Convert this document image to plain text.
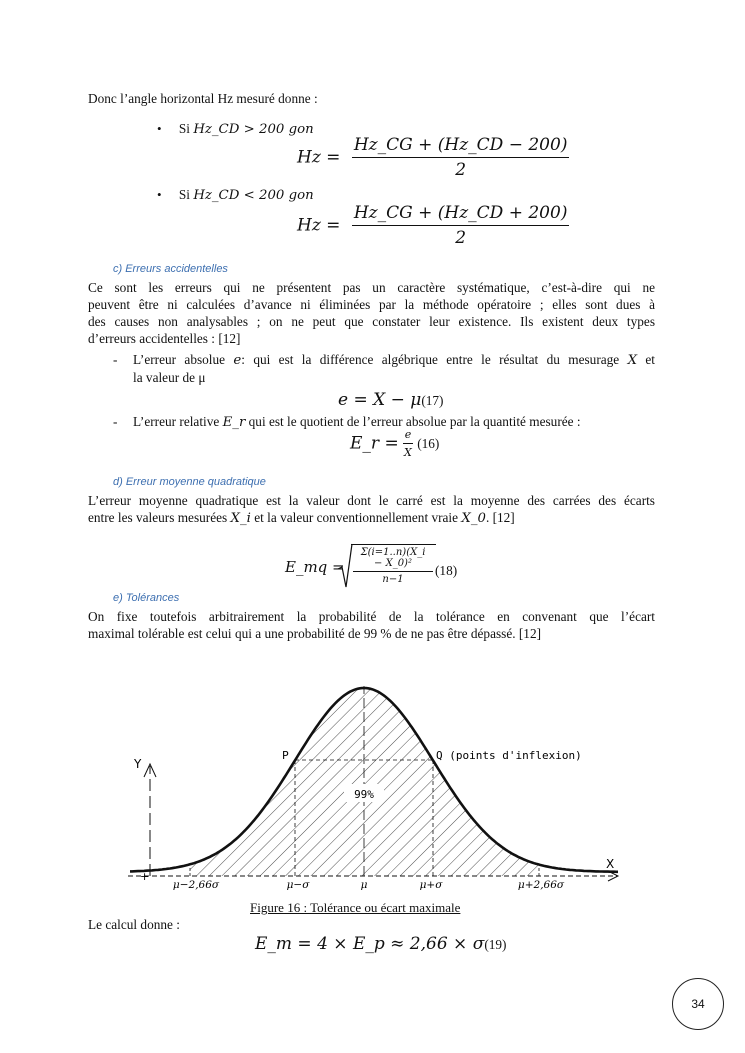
Donc l’angle horizontal Hz mesuré donne :
• Si Hz_CD > 200 gon
$Hz = \frac{Hz\_CG + (Hz\_CD - 200)}{2}$
• Si Hz_CD < 200 gon
$Hz = \frac{Hz\_CG + (Hz\_CD + 200)}{2}$
c) Erreurs accidentelles
Ce sont les erreurs qui ne présentent pas un caractère systématique, c’est-à-dire qui ne
peuvent être ni calculées d’avance ni éliminées par la méthode opératoire ; elles sont dues à
des causes non analysables ; on ne peut que constater leur existence. Ils existent deux types
d’erreurs accidentelles : [12]
- L’erreur absolue e: qui est la différence algébrique entre le résultat du mesurage X et
la valeur de μ
e = X − μ(17)
- L’erreur relative E_r qui est le quotient de l’erreur absolue par la quantité mesurée :
E_r = $\frac{e}{X} (16)$
d) Erreur moyenne quadratique
L’erreur moyenne quadratique est la valeur dont le carré est la moyenne des carrées des écarts
entre les valeurs mesurées X_i et la valeur conventionnellement vraie X_0. [12]
E_mq = $\frac{\text{Σ(i=1..n)(X\_i − X\_0)²}}{n-1} (18)$
e) Tolérances
On fixe toutefois arbitrairement la probabilité de la tolérance en convenant que l’écart
maximal tolérable est celui qui a une probabilité de 99 % de ne pas être dépassé. [12]
99%
Y
X
P	Q (points d'inflexion)
+
μ−2,66σ	μ−σ	μ	μ+σ	μ+2,66σ
Figure 16 : Tolérance ou écart maximale
Le calcul donne :
E_m = 4 × E_p ≈ 2,66 × σ(19)
34
